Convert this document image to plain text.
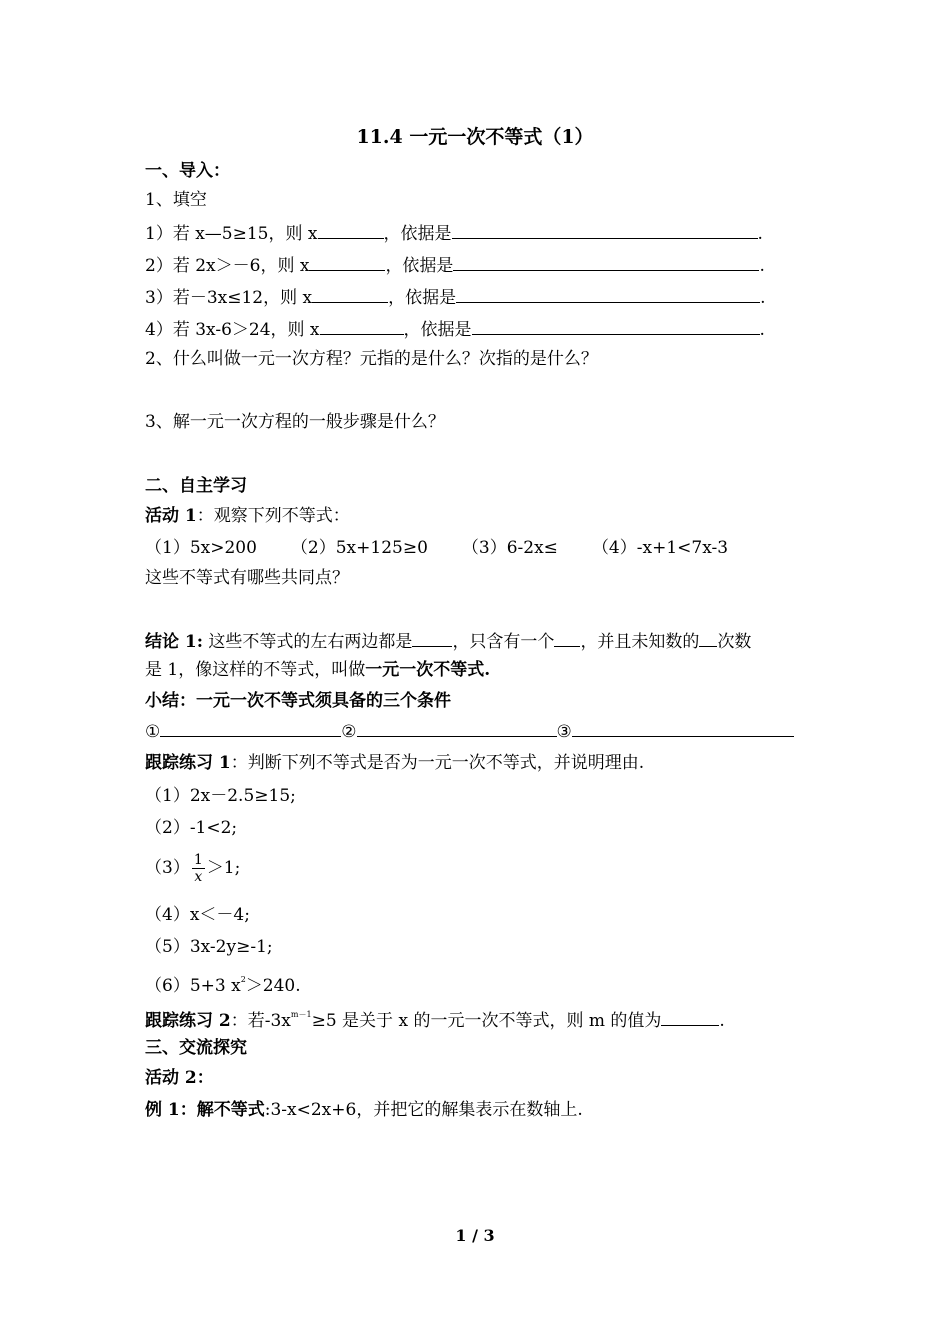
11.4 一元一次不等式（1）
一、导入：
1、填空
1）若 x—5≥15，则 x	，依据是	.
2）若 2x＞－6，则 x	，依据是	.
3）若－3x≤12，则 x	，依据是	.
4）若 3x-6＞24，则 x	，依据是	.
2、什么叫做一元一次方程？元指的是什么？次指的是什么？
3、解一元一次方程的一般步骤是什么？
二、自主学习
活动 1：观察下列不等式：
（1）5x>200 （2）5x+125≥0 （3）6-2x≤ （4）-x+1<7x-3
这些不等式有哪些共同点？
结论 1: 这些不等式的左右两边都是 ，只含有一个 ，并且未知数的 次数
是 1，像这样的不等式，叫做一元一次不等式.
小结：一元一次不等式须具备的三个条件
①	②	③
跟踪练习 1：判断下列不等式是否为一元一次不等式，并说明理由.
（1）2x－2.5≥15;
（2）-1<2;
$(3) \frac{1}{x} >1$;
（4）x＜－4;
（5）3x-2y≥-1;
（6）5+3 $x^2>240$.
跟踪练习 2：若$-3x^{m-1}\ge 5$ 是关于 x 的一元一次不等式，则 m 的值为	.
三、交流探究
活动 2：
例 1：解不等式:3-x<2x+6，并把它的解集表示在数轴上.
1 / 3
